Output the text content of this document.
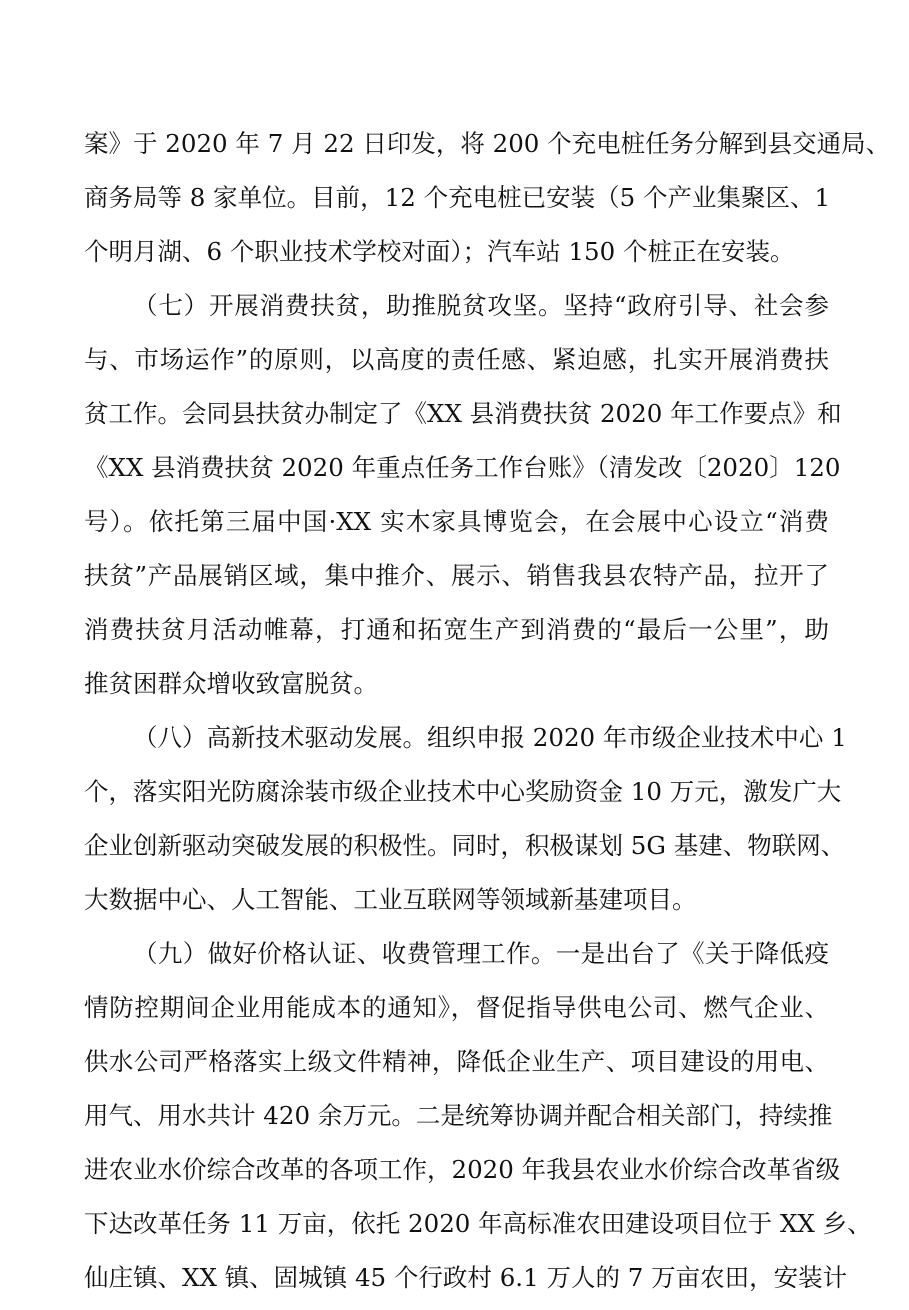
案》于 2020 年 7 月 22 日印发，将 200 个充电桩任务分解到县交通局、
商务局等 8 家单位。目前，12 个充电桩已安装（5 个产业集聚区、1
个明月湖、6 个职业技术学校对面）；汽车站 150 个桩正在安装。
（七）开展消费扶贫，助推脱贫攻坚。坚持“政府引导、社会参
与、市场运作”的原则，以高度的责任感、紧迫感，扎实开展消费扶
贫工作。会同县扶贫办制定了《XX 县消费扶贫 2020 年工作要点》和
《XX 县消费扶贫 2020 年重点任务工作台账》（清发改〔2020〕120
号）。依托第三届中国·XX 实木家具博览会，在会展中心设立“消费
扶贫”产品展销区域，集中推介、展示、销售我县农特产品，拉开了
消费扶贫月活动帷幕，打通和拓宽生产到消费的“最后一公里”，助
推贫困群众增收致富脱贫。
（八）高新技术驱动发展。组织申报 2020 年市级企业技术中心 1
个，落实阳光防腐涂装市级企业技术中心奖励资金 10 万元，激发广大
企业创新驱动突破发展的积极性。同时，积极谋划 5G 基建、物联网、
大数据中心、人工智能、工业互联网等领域新基建项目。
（九）做好价格认证、收费管理工作。一是出台了《关于降低疫
情防控期间企业用能成本的通知》，督促指导供电公司、燃气企业、
供水公司严格落实上级文件精神，降低企业生产、项目建设的用电、
用气、用水共计 420 余万元。二是统筹协调并配合相关部门，持续推
进农业水价综合改革的各项工作，2020 年我县农业水价综合改革省级
下达改革任务 11 万亩，依托 2020 年高标准农田建设项目位于 XX 乡、
仙庄镇、XX 镇、固城镇 45 个行政村 6.1 万人的 7 万亩农田，安装计
